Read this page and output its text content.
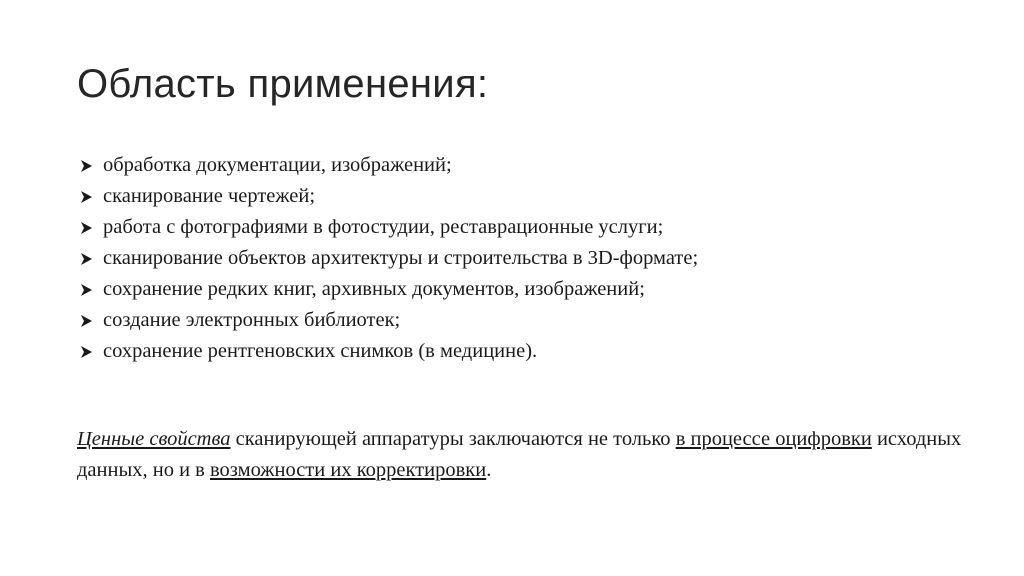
Область применения:
обработка документации, изображений;
сканирование чертежей;
работа с фотографиями в фотостудии, реставрационные услуги;
сканирование объектов архитектуры и строительства в 3D-формате;
сохранение редких книг, архивных документов, изображений;
создание электронных библиотек;
сохранение рентгеновских снимков (в медицине).

Ценные свойства сканирующей аппаратуры заключаются не только в процессе оцифровки исходных данных, но и в возможности их корректировки.
